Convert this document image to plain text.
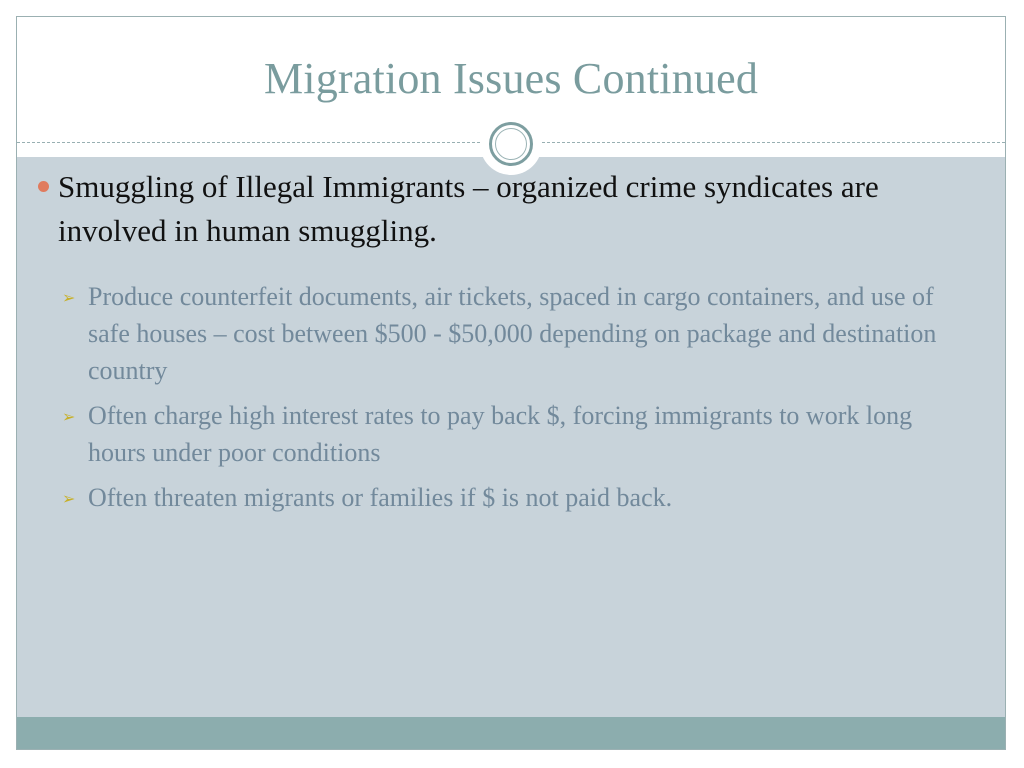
Migration Issues Continued
Smuggling of Illegal Immigrants – organized crime syndicates are involved in human smuggling.
➢ Produce counterfeit documents, air tickets, spaced in cargo containers, and use of safe houses – cost between $500 - $50,000 depending on package and destination country
➢ Often charge high interest rates to pay back $, forcing immigrants to work long hours under poor conditions
➢ Often threaten migrants or families if $ is not paid back.
